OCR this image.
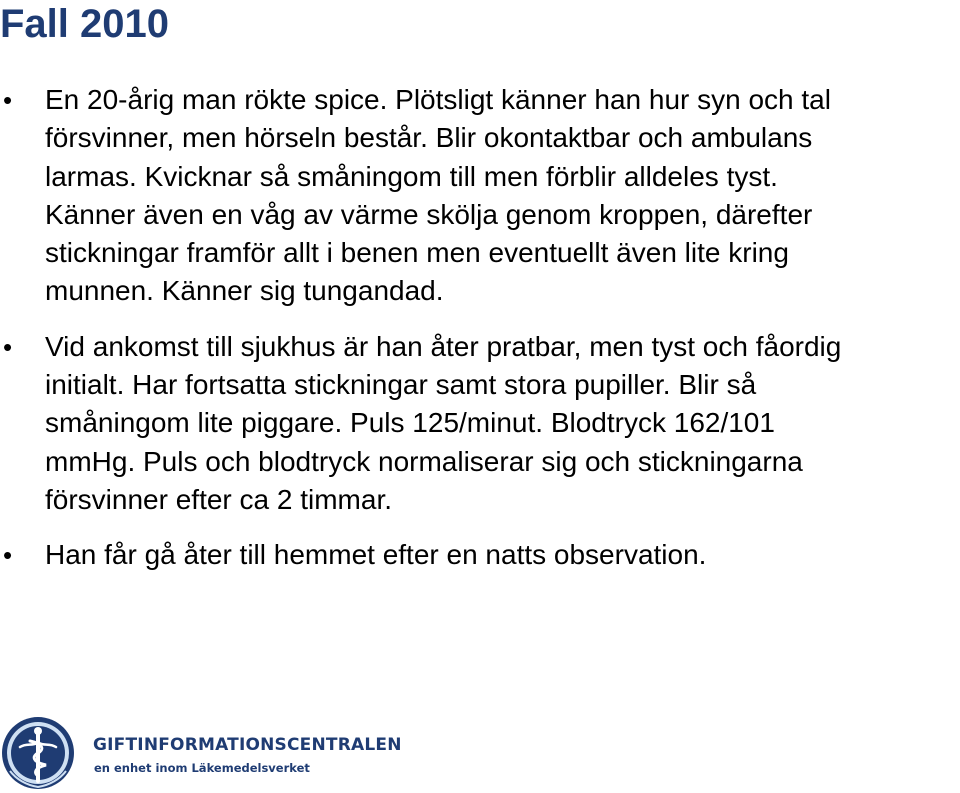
Fall 2010
• En 20-årig man rökte spice. Plötsligt känner han hur syn och tal
försvinner, men hörseln består. Blir okontaktbar och ambulans
larmas. Kvicknar så småningom till men förblir alldeles tyst.
Känner även en våg av värme skölja genom kroppen, därefter
stickningar framför allt i benen men eventuellt även lite kring
munnen. Känner sig tungandad.
• Vid ankomst till sjukhus är han åter pratbar, men tyst och fåordig
initialt. Har fortsatta stickningar samt stora pupiller. Blir så
småningom lite piggare. Puls 125/minut. Blodtryck 162/101
mmHg. Puls och blodtryck normaliserar sig och stickningarna
försvinner efter ca 2 timmar.
• Han får gå åter till hemmet efter en natts observation.
GIFTINFORMATIONSCENTRALEN
en enhet inom Läkemedelsverket
